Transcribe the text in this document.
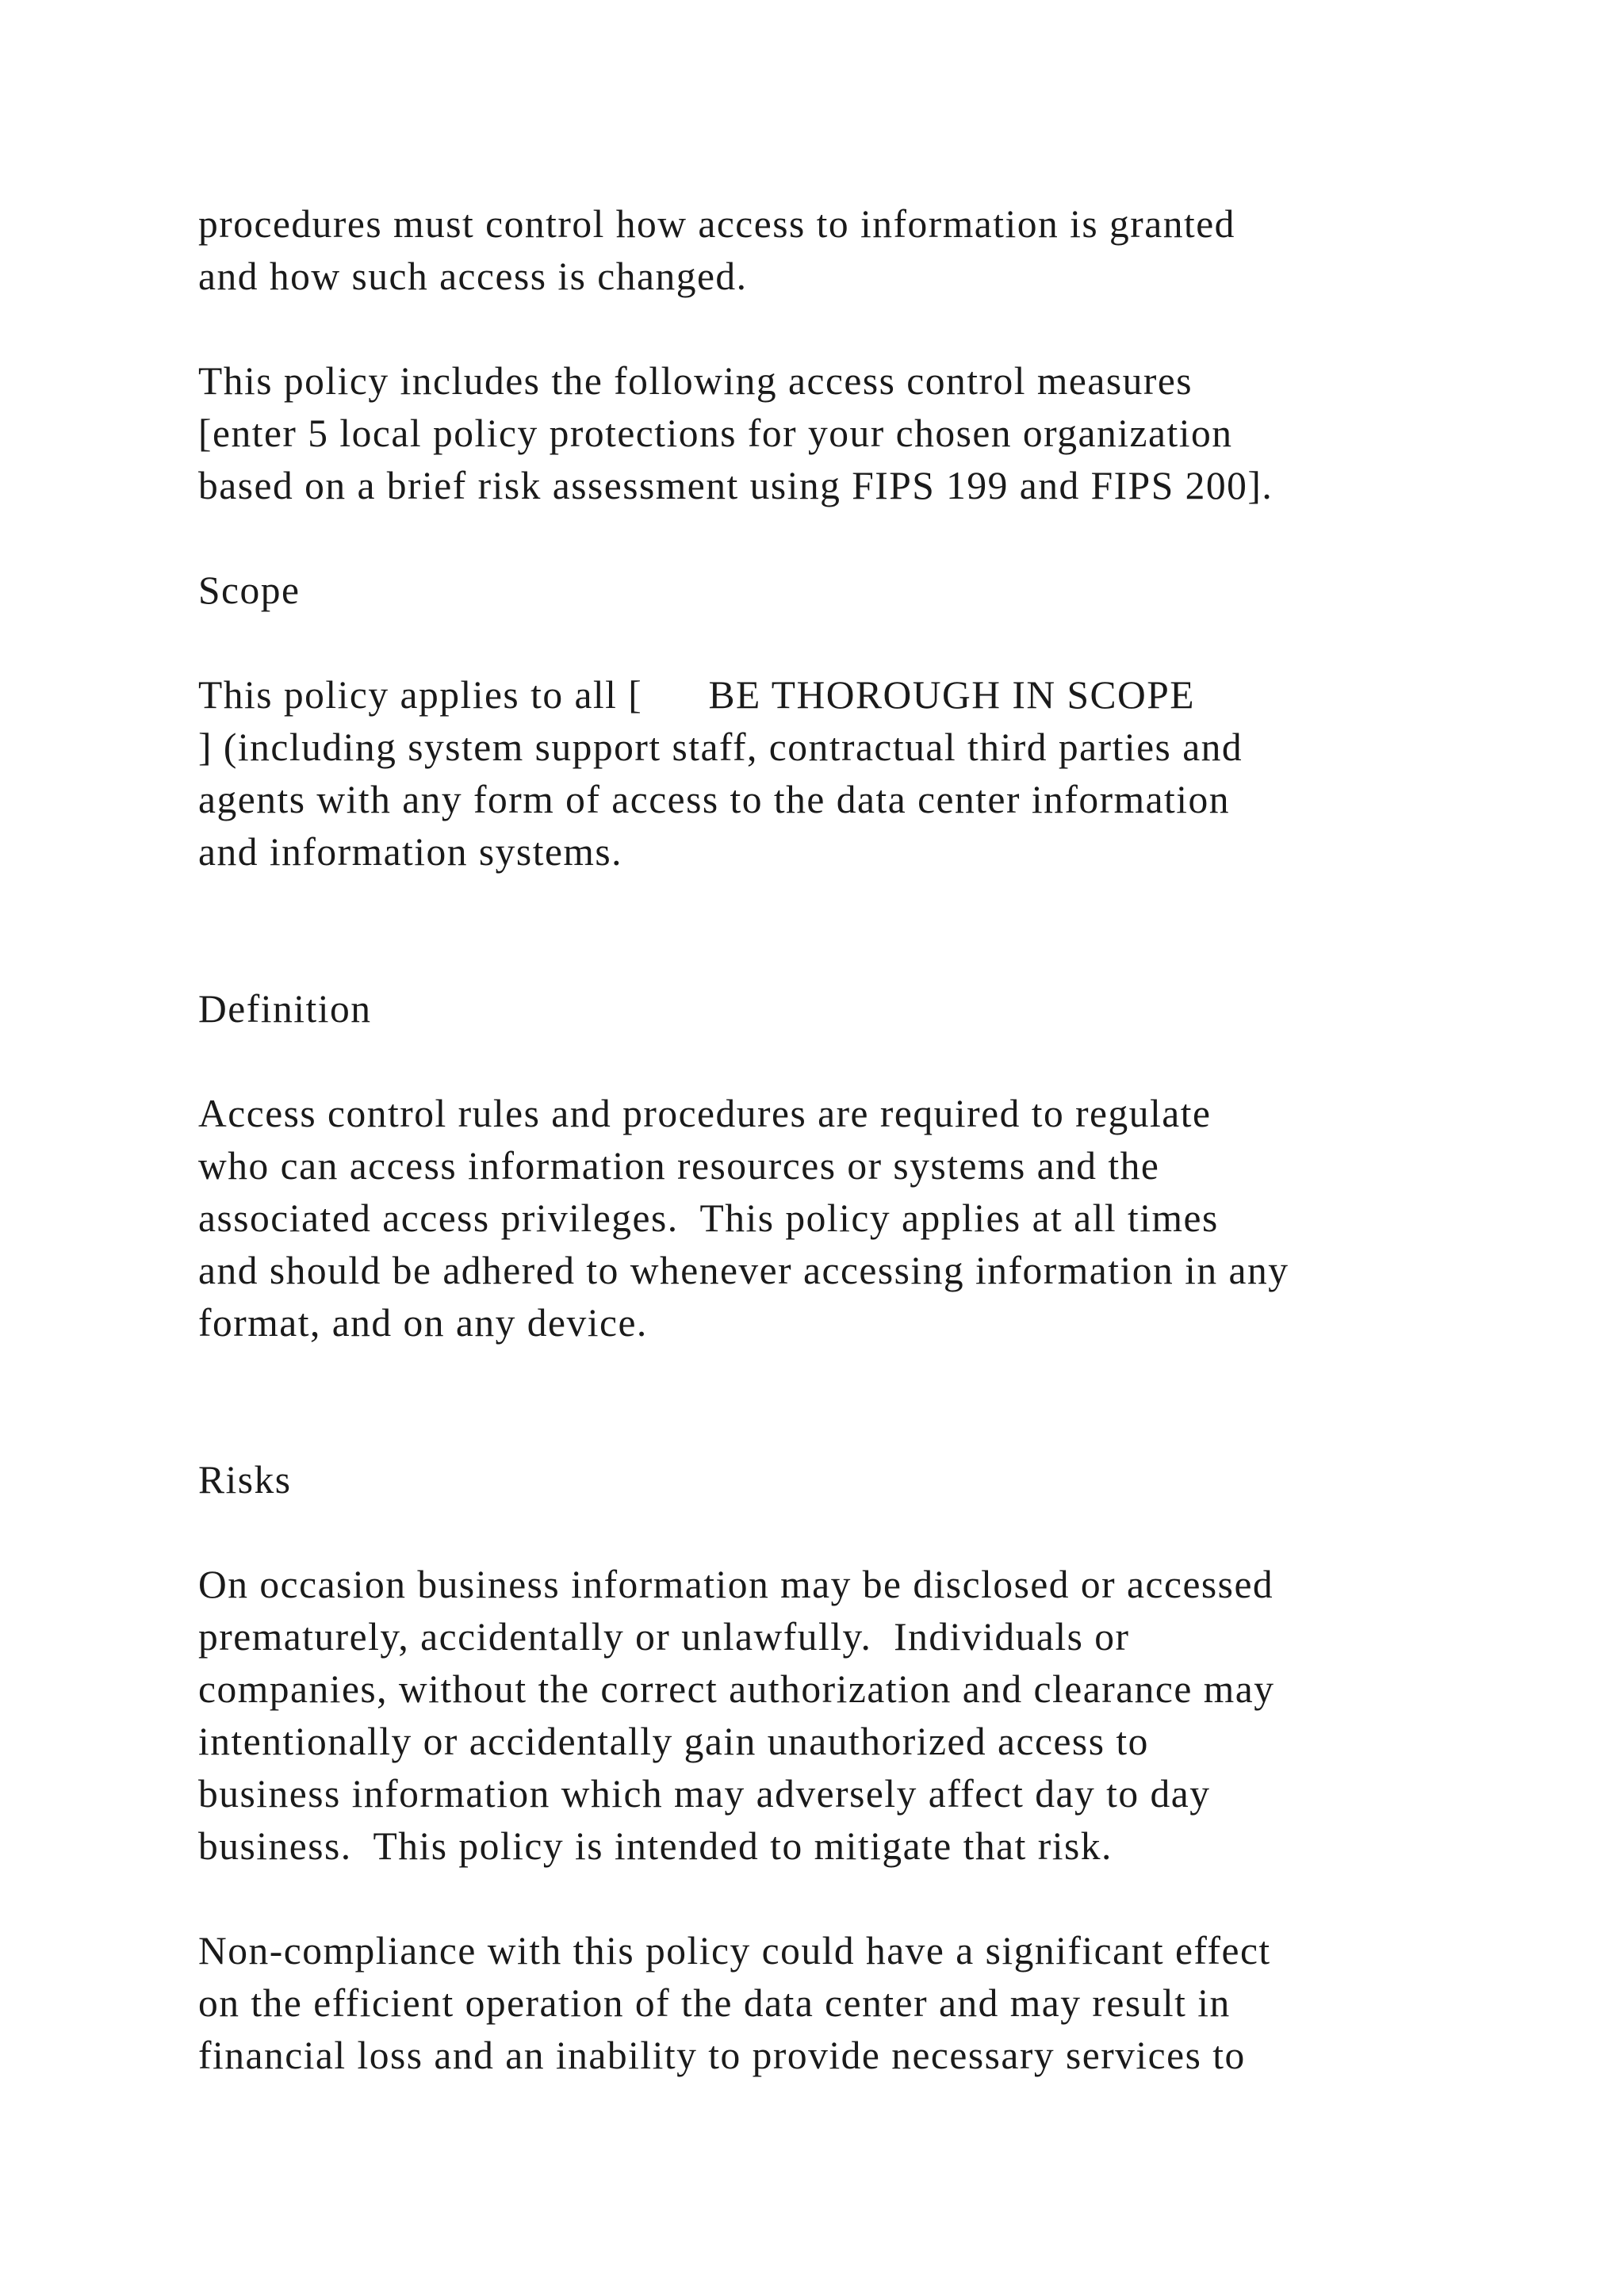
procedures must control how access to information is granted

and how such access is changed.

This policy includes the following access control measures

[enter 5 local policy protections for your chosen organization

based on a brief risk assessment using FIPS 199 and FIPS 200].

Scope

This policy applies to all [      BE THOROUGH IN SCOPE

] (including system support staff, contractual third parties and

agents with any form of access to the data center information

and information systems.

Definition

Access control rules and procedures are required to regulate

who can access information resources or systems and the

associated access privileges.  This policy applies at all times

and should be adhered to whenever accessing information in any

format, and on any device.

Risks

On occasion business information may be disclosed or accessed

prematurely, accidentally or unlawfully.  Individuals or

companies, without the correct authorization and clearance may

intentionally or accidentally gain unauthorized access to

business information which may adversely affect day to day

business.  This policy is intended to mitigate that risk.

Non-compliance with this policy could have a significant effect

on the efficient operation of the data center and may result in

financial loss and an inability to provide necessary services to
